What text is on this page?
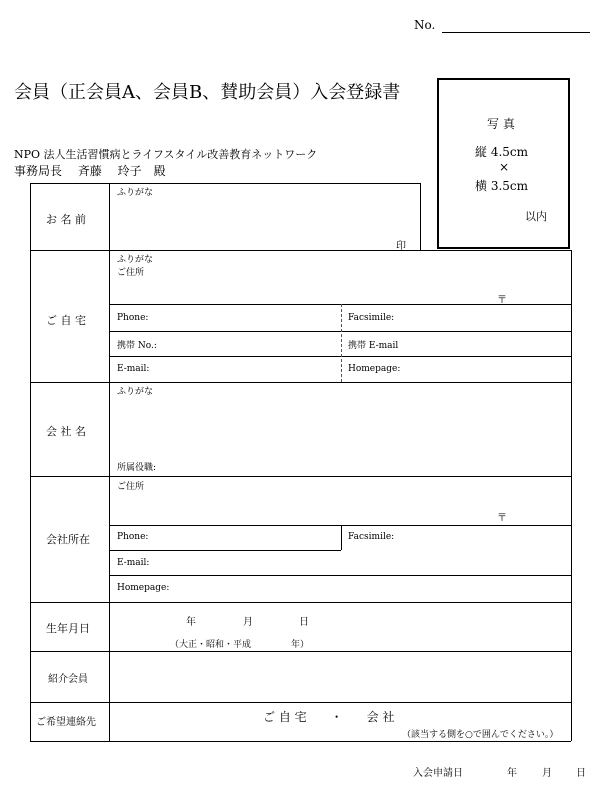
No.
会員（正会員A、会員B、賛助会員）入会登録書
NPO 法人生活習慣病とライフスタイル改善教育ネットワーク
事務局長　 斉藤　 玲子　殿
写 真
縦 4.5cm
×
横 3.5cm
以内
お 名 前
ふりがな
印
ご 自 宅
ふりがな
ご住所
〒
Phone:	Facsimile:
携帯 No.:	携帯 E-mail
E-mail:	Homepage:
会 社 名
ふりがな
所属役職:
会社所在
ご住所
〒
Phone:	Facsimile:
E-mail:
Homepage:
生年月日	年	月	日
（大正・昭和・平成	年）
紹介会員
ご希望連絡先	ご 自 宅　　・　　会 社
（該当する側を○で囲んでください。）
入会申請日	年	月 日
